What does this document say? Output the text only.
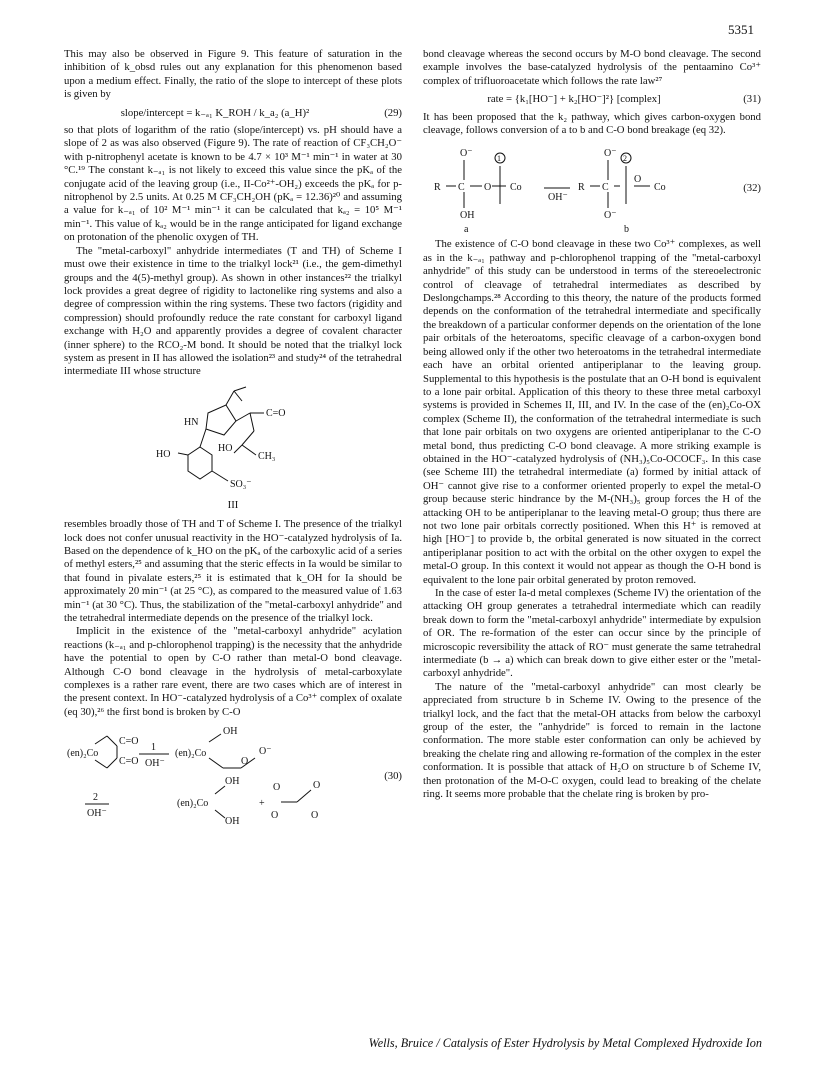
5351

This may also be observed in Figure 9. This feature of saturation in the inhibition of k_obsd rules out any explanation for this phenomenon based upon a medium effect. Finally, the ratio of the slope to intercept of these plots is given by

slope/intercept = k₋ₐ₁ K_ROH / k_a₂ (a_H)²	(29)

so that plots of logarithm of the ratio (slope/intercept) vs. pH should have a slope of 2 as was also observed (Figure 9). The rate of reaction of CF₃CH₂O⁻ with p-nitrophenyl acetate is known to be 4.7 × 10³ M⁻¹ min⁻¹ in water at 30 °C.¹⁹ The constant k₋ₐ₁ is not likely to exceed this value since the pKₐ of the conjugate acid of the leaving group (i.e., II-Co²⁺-OH₂) exceeds the pKₐ for p-nitrophenol by 2.5 units. At 0.25 M CF₃CH₂OH (pKₐ = 12.36)²⁰ and assuming a value for k₋ₐ₁ of 10² M⁻¹ min⁻¹ it can be calculated that kₐ₂ = 10⁵ M⁻¹ min⁻¹. This value of kₐ₂ would be in the range anticipated for ligand exchange on protonation of the phenolic oxygen of TH.

The "metal-carboxyl" anhydride intermediates (T and TH) of Scheme I must owe their existence in time to the trialkyl lock²¹ (i.e., the gem-dimethyl groups and the 4(5)-methyl group). As shown in other instances²² the trialkyl lock provides a great degree of rigidity to lactonelike ring systems and also a degree of compression within the ring systems. These two factors (rigidity and compression) should profoundly reduce the rate constant for carboxyl ligand exchange with H₂O and apparently provides a degree of covalent character (inner sphere) to the RCO₂-M bond. It should be noted that the trialkyl lock system as present in II has allowed the isolation²³ and study²⁴ of the tetrahedral intermediate III whose structure

HN
C=O
HO
HO
CH₃
SO₃⁻
III

resembles broadly those of TH and T of Scheme I. The presence of the trialkyl lock does not confer unusual reactivity in the HO⁻-catalyzed hydrolysis of Ia. Based on the dependence of k_HO on the pKₐ of the carboxylic acid of a series of methyl esters,²⁵ and assuming that the steric effects in Ia would be similar to that found in pivalate esters,²⁵ it is estimated that k_OH for Ia should be approximately 20 min⁻¹ (at 25 °C), as compared to the measured value of 1.63 min⁻¹ (at 30 °C). Thus, the stabilization of the "metal-carboxyl anhydride" and the tetrahedral intermediate depends on the presence of the trialkyl lock.

Implicit in the existence of the "metal-carboxyl anhydride" acylation reactions (k₋ₐ₁ and p-chlorophenol trapping) is the necessity that the anhydride have the potential to open by C-O rather than metal-O bond cleavage. Although C-O bond cleavage in the hydrolysis of metal-carboxylate complexes is a rather rare event, there are two cases which are of interest in the present context. In HO⁻-catalyzed hydrolysis of a Co³⁺ complex of oxalate (eq 30),²⁶ the first bond is broken by C-O

(en)₂Co
C=O
C=O
1
OH⁻
(en)₂Co
OH
O
O⁻
2
OH⁻
(en)₂Co
OH
OH
+
O	O
O	O
(30)

bond cleavage whereas the second occurs by M-O bond cleavage. The second example involves the base-catalyzed hydrolysis of the pentaamino Co³⁺ complex of trifluoroacetate which follows the rate law²⁷

rate = {k₁[HO⁻] + k₂[HO⁻]²} [complex]	(31)

It has been proposed that the k₂ pathway, which gives carbon-oxygen bond cleavage, follows conversion of a to b and C-O bond breakage (eq 32).

O⁻
R C O Co
OH
1
OH⁻
O⁻
R C
O
Co
O⁻
2
a	b
(32)

The existence of C-O bond cleavage in these two Co³⁺ complexes, as well as in the k₋ₐ₁ pathway and p-chlorophenol trapping of the "metal-carboxyl anhydride" of this study can be understood in terms of the stereoelectronic control of cleavage of tetrahedral intermediates as described by Deslongchamps.²⁸ According to this theory, the nature of the products formed depends on the conformation of the tetrahedral intermediate and specifically the breakdown of a particular conformer depends on the orientation of the lone pair orbitals of the heteroatoms, specific cleavage of a carbon-oxygen bond being allowed only if the other two heteroatoms in the tetrahedral intermediate each have an orbital oriented antiperiplanar to the leaving group. Supplemental to this hypothesis is the postulate that an O-H bond is equivalent to a lone pair orbital. Application of this theory to these three metal carboxyl systems is provided in Schemes II, III, and IV. In the case of the (en)₂Co-OX complex (Scheme II), the conformation of the tetrahedral intermediate is such that lone pair orbitals on two oxygens are oriented antiperiplanar to the C-O metal bond, thus predicting C-O bond cleavage. A more striking example is obtained in the HO⁻-catalyzed hydrolysis of (NH₃)₅Co-OCOCF₃. In this case (see Scheme III) the tetrahedral intermediate (a) formed by initial attack of OH⁻ cannot give rise to a conformer oriented properly to expel the metal-O group because steric hindrance by the M-(NH₃)₅ group forces the H of the attacking OH to be antiperiplanar to the leaving metal-O group; thus there are not two lone pair orbitals correctly positioned. When this H⁺ is removed at high [HO⁻] to provide b, the orbital generated is now situated in the correct antiperiplanar position to act with the orbital on the other oxygen to expel the metal-O group. In this context it would not appear as though the O-H bond is equivalent to the lone pair orbital generated by proton removed.

In the case of ester Ia-d metal complexes (Scheme IV) the orientation of the attacking OH group generates a tetrahedral intermediate which can readily break down to form the "metal-carboxyl anhydride" intermediate by expulsion of OR. The re-formation of the ester can occur since by the principle of microscopic reversibility the attack of RO⁻ must generate the same tetrahedral intermediate (b → a) which can break down to give either ester or the "metal-carboxyl anhydride".

The nature of the "metal-carboxyl anhydride" can most clearly be appreciated from structure b in Scheme IV. Owing to the presence of the trialkyl lock, and the fact that the metal-OH attacks from below the carboxyl group of the ester, the "anhydride" is forced to remain in the lactone conformation. The more stable ester conformation can only be achieved by breaking the chelate ring and allowing re-formation of the complex in the ester conformation. It is possible that attack of H₂O on structure b of Scheme IV, then protonation of the M-O-C oxygen, could lead to breaking of the chelate ring. It seems more probable that the chelate ring is broken by pro-

Wells, Bruice / Catalysis of Ester Hydrolysis by Metal Complexed Hydroxide Ion
